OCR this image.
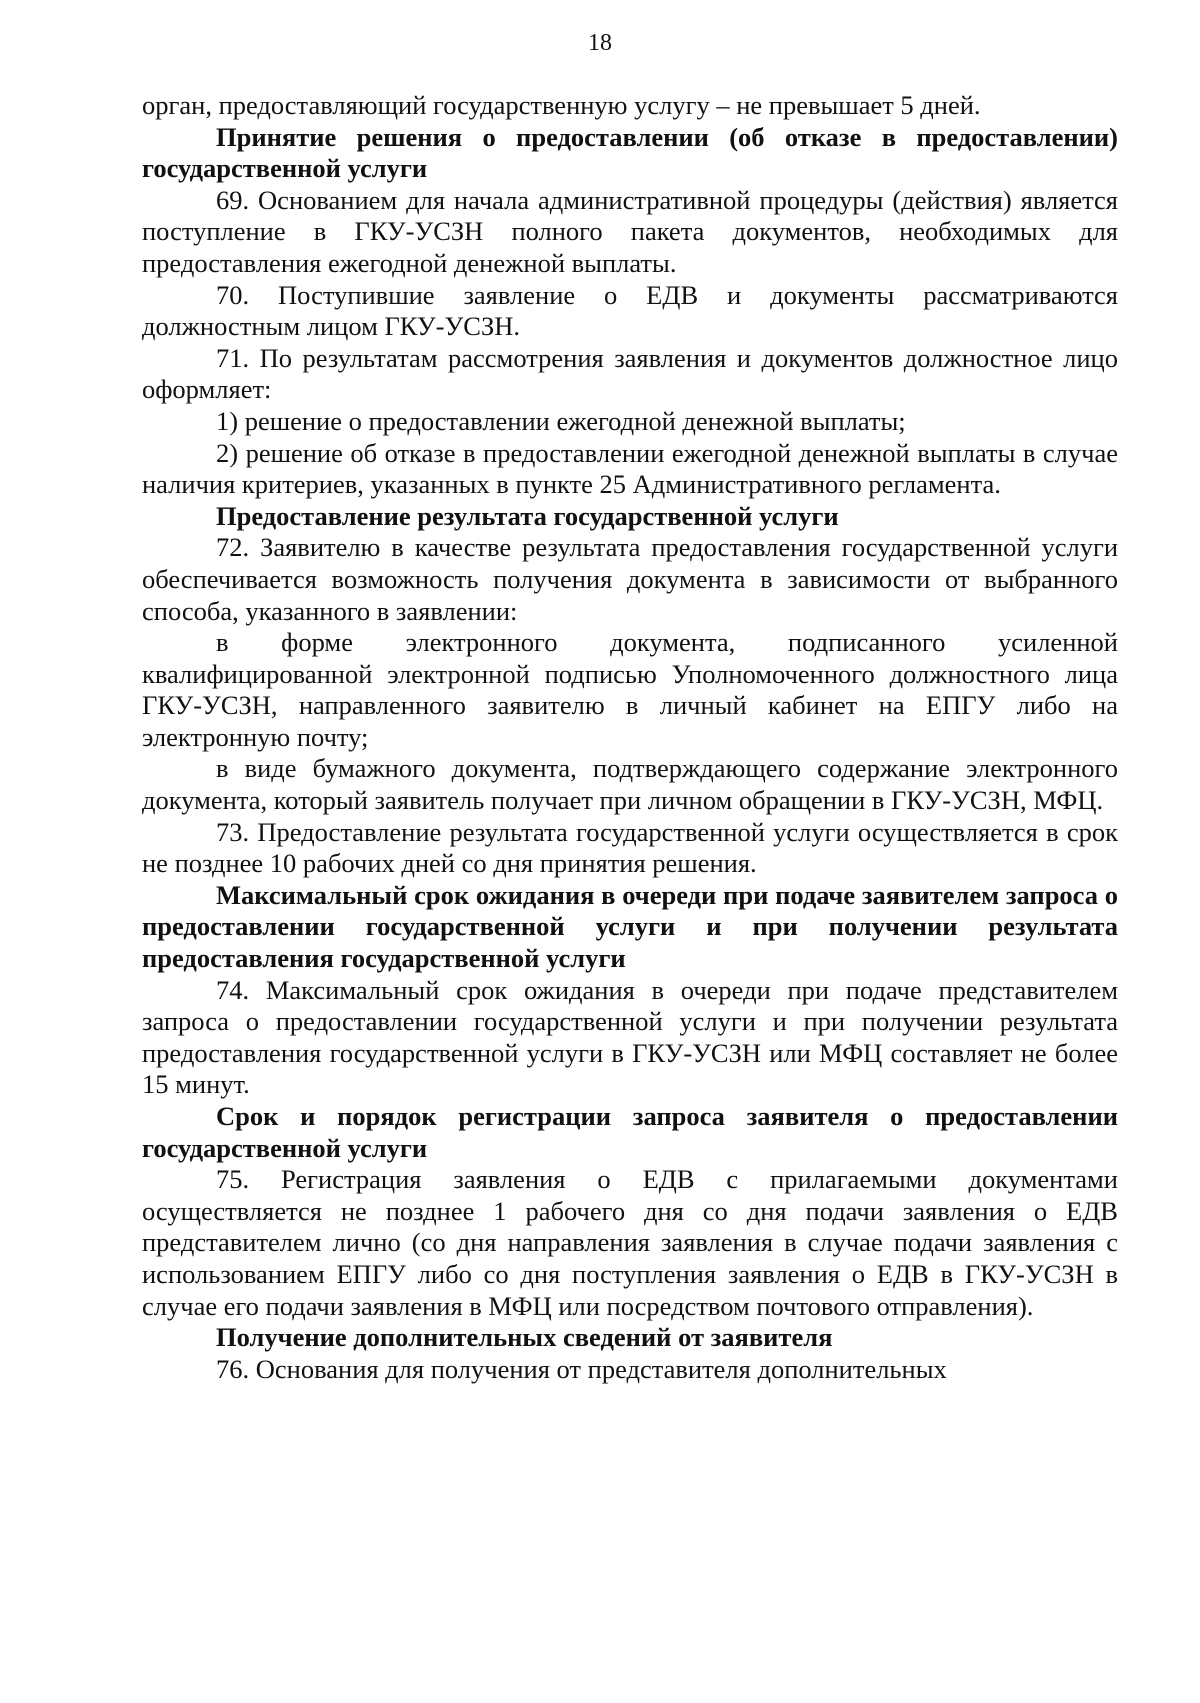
18

орган, предоставляющий государственную услугу – не превышает 5 дней.

Принятие решения о предоставлении (об отказе в предоставлении) государственной услуги

69. Основанием для начала административной процедуры (действия) является поступление в ГКУ-УСЗН полного пакета документов, необходимых для предоставления ежегодной денежной выплаты.

70. Поступившие заявление о ЕДВ и документы рассматриваются должностным лицом ГКУ-УСЗН.

71. По результатам рассмотрения заявления и документов должностное лицо оформляет:

1) решение о предоставлении ежегодной денежной выплаты;

2) решение об отказе в предоставлении ежегодной денежной выплаты в случае наличия критериев, указанных в пункте 25 Административного регламента.

Предоставление результата государственной услуги

72. Заявителю в качестве результата предоставления государственной услуги обеспечивается возможность получения документа в зависимости от выбранного способа, указанного в заявлении:

в форме электронного документа, подписанного усиленной квалифицированной электронной подписью Уполномоченного должностного лица ГКУ-УСЗН, направленного заявителю в личный кабинет на ЕПГУ либо на электронную почту;

в виде бумажного документа, подтверждающего содержание электронного документа, который заявитель получает при личном обращении в ГКУ-УСЗН, МФЦ.

73. Предоставление результата государственной услуги осуществляется в срок не позднее 10 рабочих дней со дня принятия решения.

Максимальный срок ожидания в очереди при подаче заявителем запроса о предоставлении государственной услуги и при получении результата предоставления государственной услуги

74. Максимальный срок ожидания в очереди при подаче представителем запроса о предоставлении государственной услуги и при получении результата предоставления государственной услуги в ГКУ-УСЗН или МФЦ составляет не более 15 минут.

Срок и порядок регистрации запроса заявителя о предоставлении государственной услуги

75. Регистрация заявления о ЕДВ с прилагаемыми документами осуществляется не позднее 1 рабочего дня со дня подачи заявления о ЕДВ представителем лично (со дня направления заявления в случае подачи заявления с использованием ЕПГУ либо со дня поступления заявления о ЕДВ в ГКУ-УСЗН в случае его подачи заявления в МФЦ или посредством почтового отправления).

Получение дополнительных сведений от заявителя

76. Основания для получения от представителя дополнительных
